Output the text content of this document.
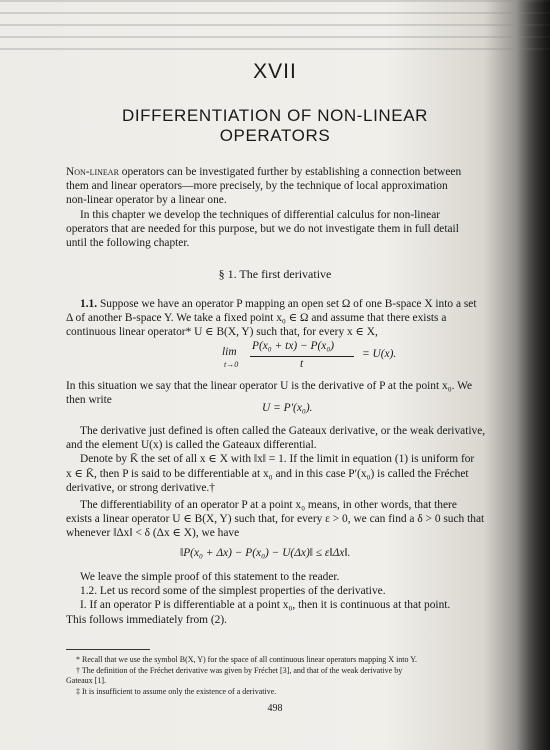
XVII
DIFFERENTIATION OF NON-LINEAR
OPERATORS
Non-linear operators can be investigated further by establishing a connection between
them and linear operators—more precisely, by the technique of local approximation
non-linear operator by a linear one.
In this chapter we develop the techniques of differential calculus for non-linear
operators that are needed for this purpose, but we do not investigate them in full detail
until the following chapter.
§ 1. The first derivative
1.1. Suppose we have an operator P mapping an open set Ω of one B-space X into a set
Δ of another B-space Y. We take a fixed point x₀ ∈ Ω and assume that there exists a
continuous linear operator* U ∈ B(X, Y) such that, for every x ∈ X,
lim
t→0
P(x₀ + tx) − P(x₀)
t
= U(x).
In this situation we say that the linear operator U is the derivative of P at the point x₀. We
then write
U = P′(x₀).
The derivative just defined is often called the Gateaux derivative, or the weak derivative,
and the element U(x) is called the Gateaux differential.
Denote by K̄ the set of all x ∈ X with ‖x‖ = 1. If the limit in equation (1) is uniform for
x ∈ K̄, then P is said to be differentiable at x₀ and in this case P′(x₀) is called the Fréchet
derivative, or strong derivative.†
The differentiability of an operator P at a point x₀ means, in other words, that there
exists a linear operator U ∈ B(X, Y) such that, for every ε > 0, we can find a δ > 0 such that
whenever ‖Δx‖ < δ (Δx ∈ X), we have
‖P(x₀ + Δx) − P(x₀) − U(Δx)‖ ≤ ε‖Δx‖.
We leave the simple proof of this statement to the reader.
1.2. Let us record some of the simplest properties of the derivative.
I. If an operator P is differentiable at a point x₀, then it is continuous at that point.
This follows immediately from (2).
* Recall that we use the symbol B(X, Y) for the space of all continuous linear operators mapping X into Y.
† The definition of the Fréchet derivative was given by Fréchet [3], and that of the weak derivative by
Gateaux [1].
‡ It is insufficient to assume only the existence of a derivative.
498
